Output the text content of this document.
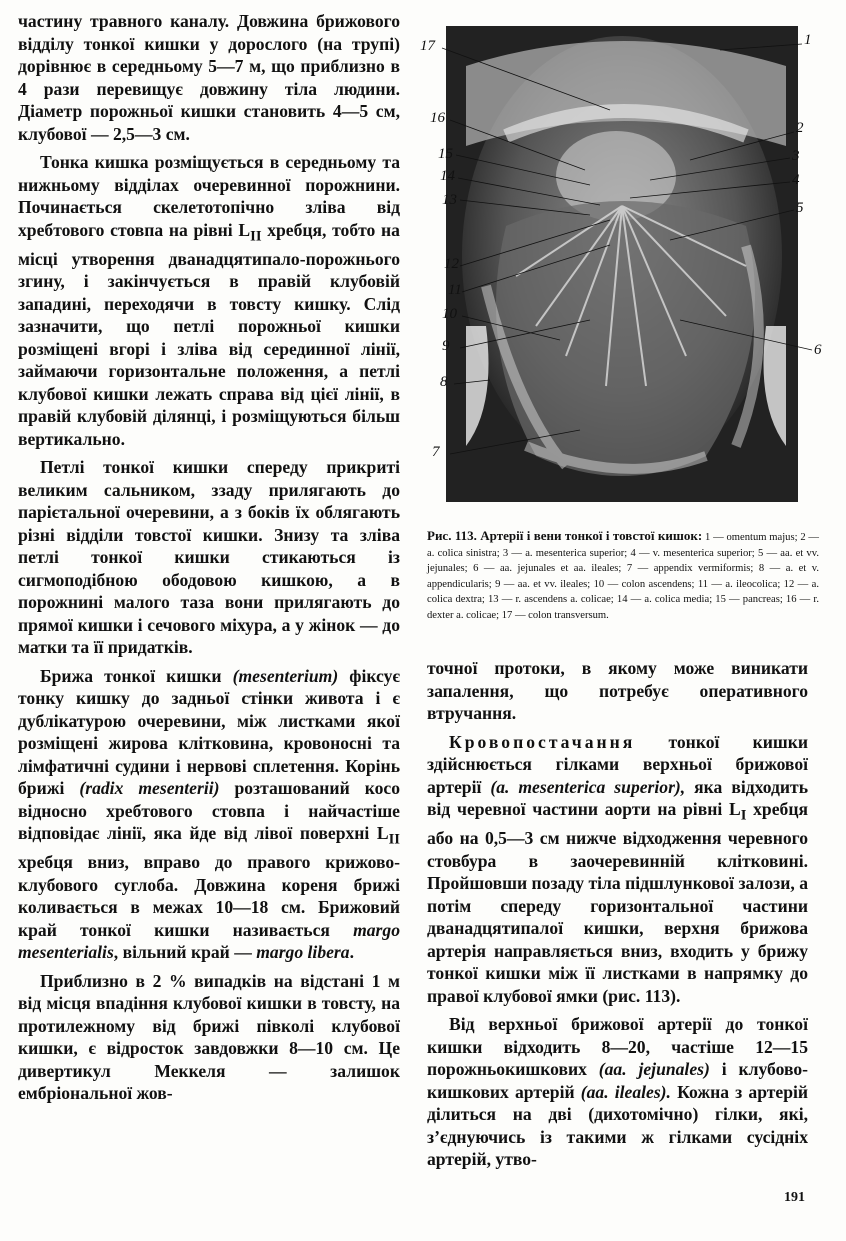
частину травного каналу. Довжина брижового відділу тонкої кишки у дорослого (на трупі) дорівнює в середньому 5—7 м, що приблизно в 4 рази перевищує довжину тіла людини. Діаметр порожньої кишки становить 4—5 см, клубової — 2,5—3 см.

Тонка кишка розміщується в середньому та нижньому відділах очеревинної порожнини. Починається скелетотопічно зліва від хребтового стовпа на рівні $L_{II}$ хребця, тобто на місці утворення дванадцятипало-порожнього згину, і закінчується в правій клубовій западині, переходячи в товсту кишку. Слід зазначити, що петлі порожньої кишки розміщені вгорі і зліва від серединної лінії, займаючи горизонтальне положення, а петлі клубової кишки лежать справа від цієї лінії, в правій клубовій ділянці, і розміщуються більш вертикально.

Петлі тонкої кишки спереду прикриті великим сальником, ззаду прилягають до парієтальної очеревини, а з боків їх облягають різні відділи товстої кишки. Знизу та зліва петлі тонкої кишки стикаються із сигмоподібною ободовою кишкою, а в порожнині малого таза вони прилягають до прямої кишки і сечового міхура, а у жінок — до матки та її придатків.

Брижа тонкої кишки (mesenterium) фіксує тонку кишку до задньої стінки живота і є дублікатурою очеревини, між листками якої розміщені жирова клітковина, кровоносні та лімфатичні судини і нервові сплетення. Корінь брижі (radix mesenterii) розташований косо відносно хребтового стовпа і найчастіше відповідає лінії, яка йде від лівої поверхні $L_{II}$ хребця вниз, вправо до правого крижово-клубового суглоба. Довжина кореня брижі коливається в межах 10—18 см. Брижовий край тонкої кишки називається margo mesenterialis, вільний край — margo libera.

Приблизно в 2 % випадків на відстані 1 м від місця впадіння клубової кишки в товсту, на протилежному від брижі півколі клубової кишки, є відросток завдовжки 8—10 см. Це дивертикул Меккеля — залишок ембріональної жов-

17
16
15
14
13
12
11
10
9
8
7
1
2
3
4
5
6
Рис. 113. Артерії і вени тонкої і товстої кишок: 1 — omentum majus; 2 — a. colica sinistra; 3 — a. mesenterica superior; 4 — v. mesenterica superior; 5 — aa. et vv. jejunales; 6 — aa. jejunales et aa. ileales; 7 — appendix vermiformis; 8 — a. et v. appendicularis; 9 — aa. et vv. ileales; 10 — colon ascendens; 11 — a. ileocolica; 12 — a. colica dextra; 13 — r. ascendens a. colicae; 14 — a. colica media; 15 — pancreas; 16 — r. dexter a. colicae; 17 — colon transversum.

точної протоки, в якому може виникати запалення, що потребує оперативного втручання.

Кровопостачання тонкої кишки здійснюється гілками верхньої брижової артерії (a. mesenterica superior), яка відходить від черевної частини аорти на рівні $L_I$ хребця або на 0,5—3 см нижче відходження черевного стовбура в заочеревинній клітковині. Пройшовши позаду тіла підшлункової залози, а потім спереду горизонтальної частини дванадцятипалої кишки, верхня брижова артерія направляється вниз, входить у брижу тонкої кишки між її листками в напрямку до правої клубової ямки (рис. 113).

Від верхньої брижової артерії до тонкої кишки відходить 8—20, частіше 12—15 порожньокишкових (aa. jejunales) і клубово-кишкових артерій (aa. ileales). Кожна з артерій ділиться на дві (дихотомічно) гілки, які, з’єднуючись із такими ж гілками сусідніх артерій, утво-

191
